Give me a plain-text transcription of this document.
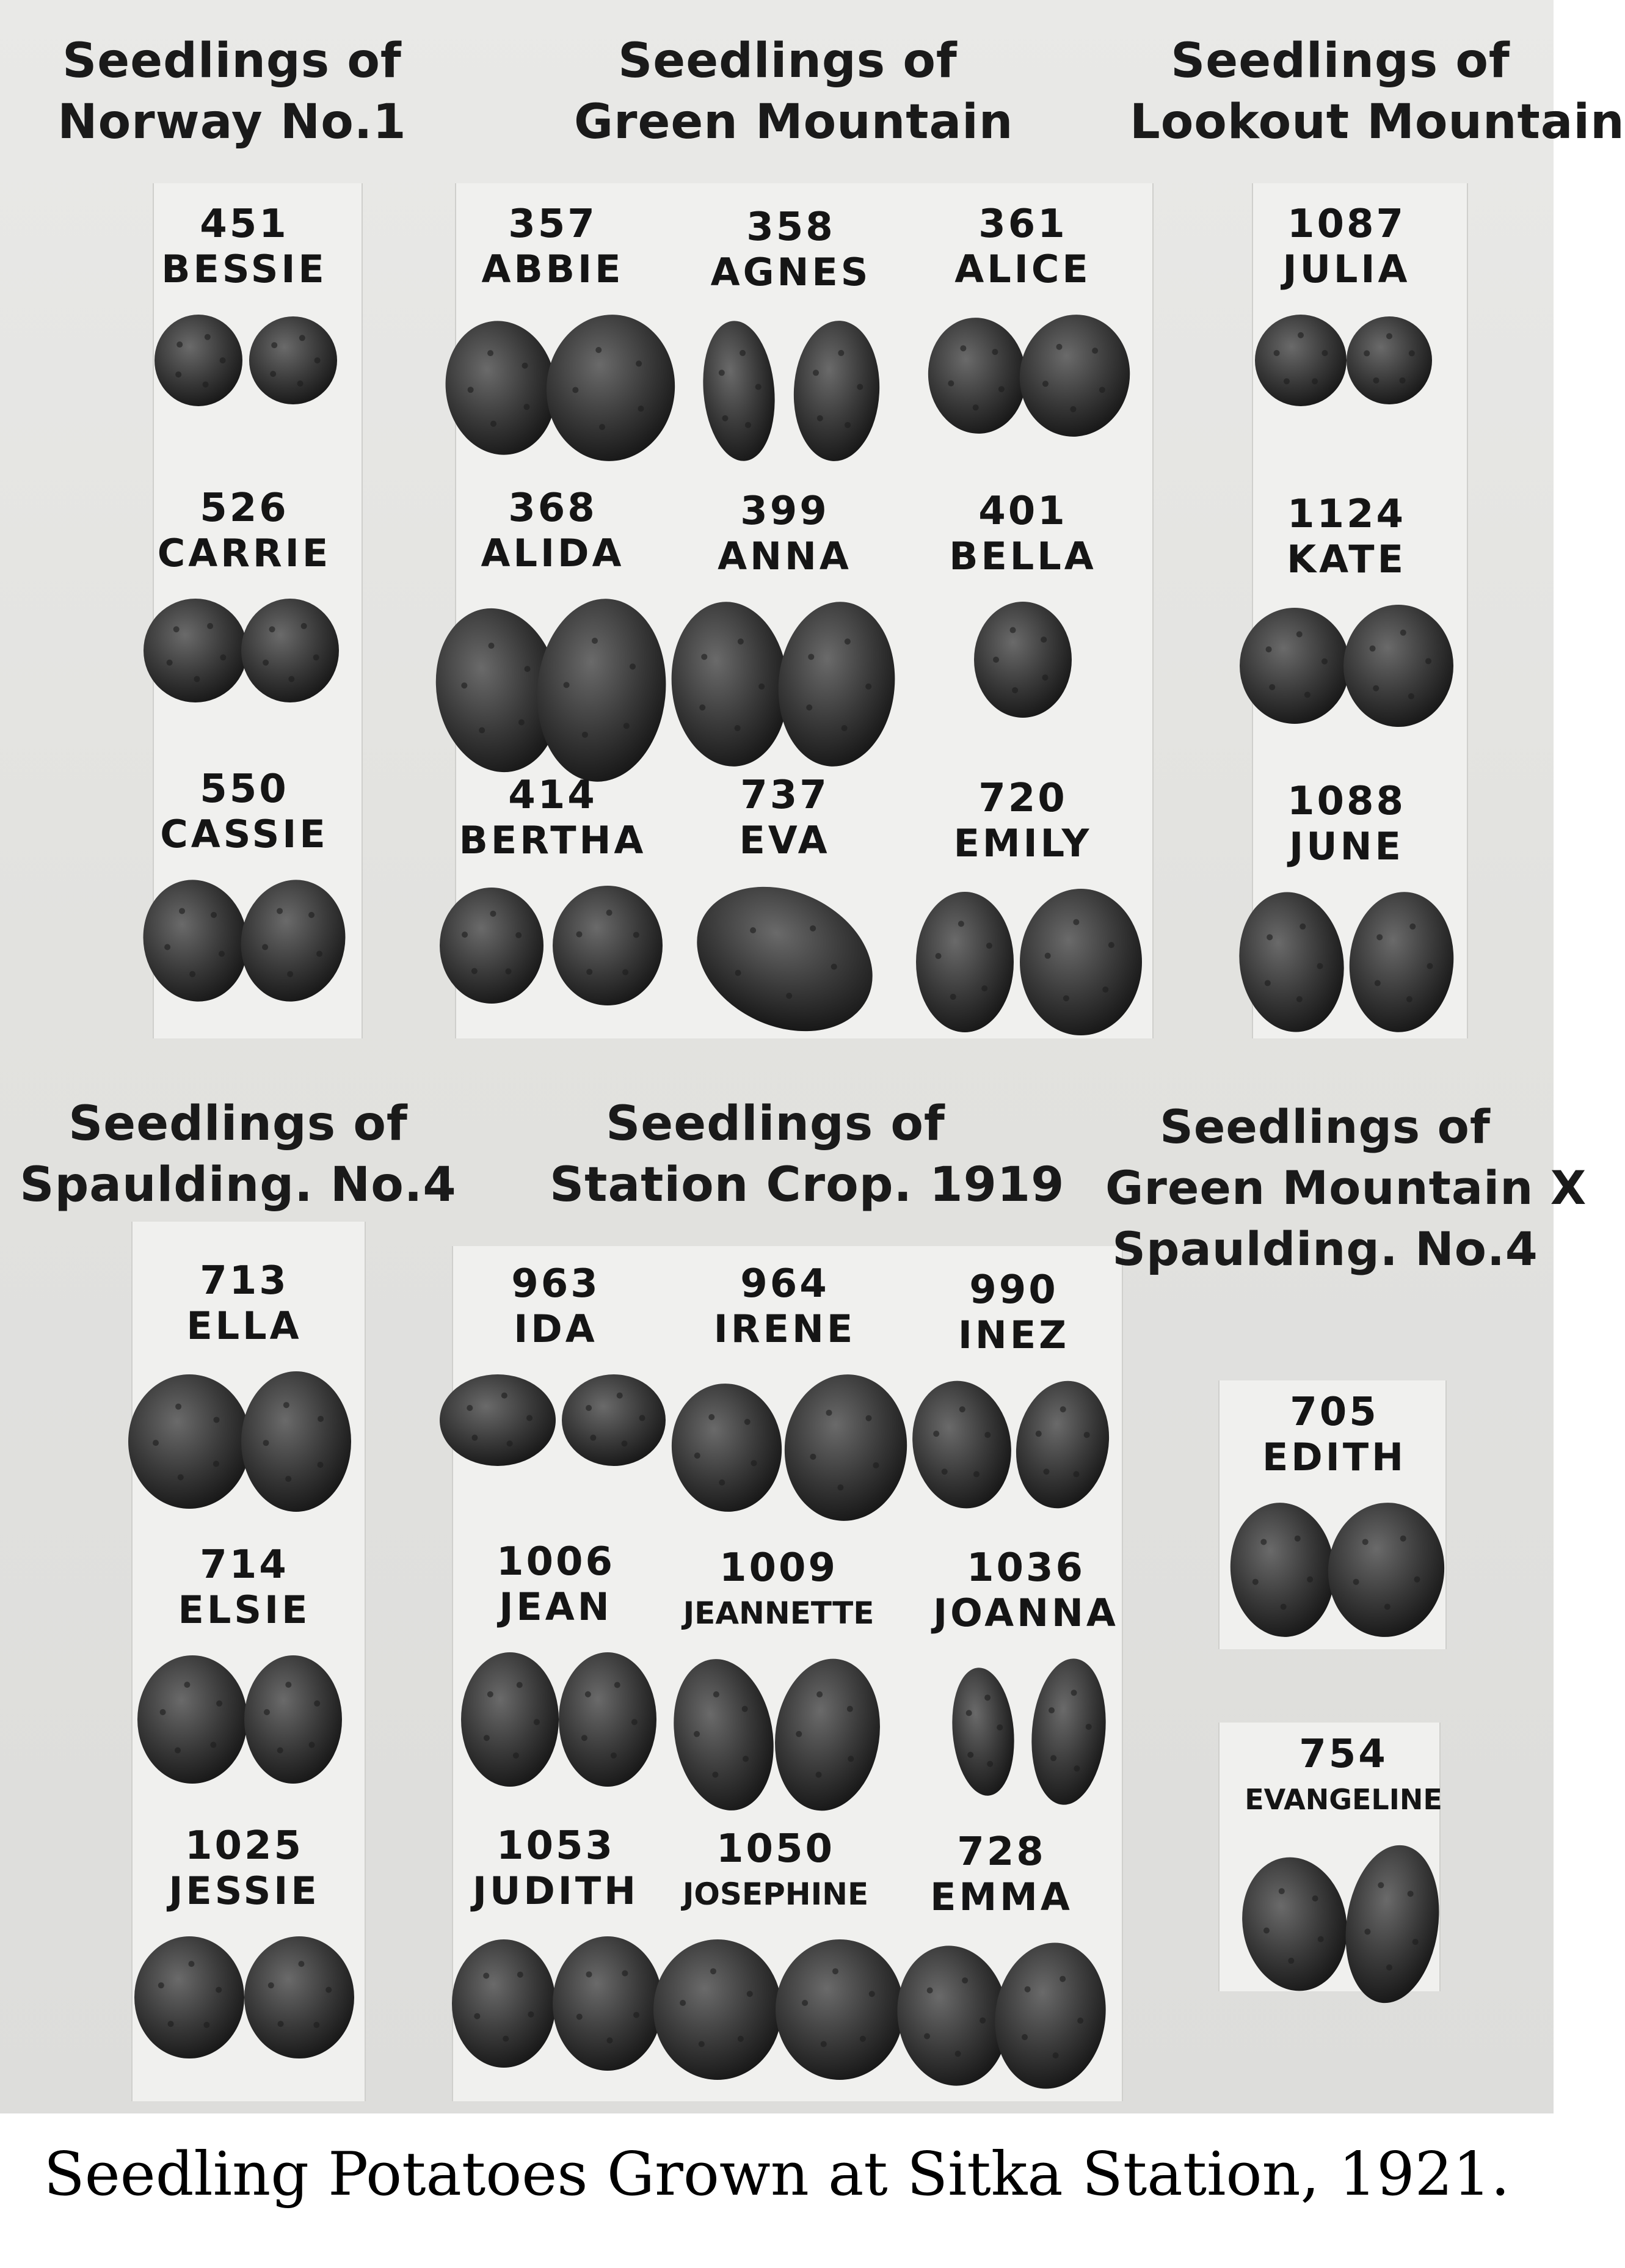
Seedlings of
Norway No.1
Seedlings of
Green Mountain
Seedlings of
Lookout Mountain
Seedlings of
Spaulding. No.4
Seedlings of
Station Crop. 1919
Seedlings of
Green Mountain X
Spaulding. No.4
451
BESSIE
357
ABBIE
358
AGNES
361
ALICE
1087
JULIA
526
CARRIE
368
ALIDA
399
ANNA
401
BELLA
1124
KATE
550
CASSIE
414
BERTHA
737
EVA
720
EMILY
1088
JUNE
713
ELLA
963
IDA
964
IRENE
990
INEZ
705
EDITH
714
ELSIE
1006
JEAN
1009
JEANNETTE
1036
JOANNA
754
EVANGELINE
1025
JESSIE
1053
JUDITH
1050
JOSEPHINE
728
EMMA
Seedling Potatoes Grown at Sitka Station, 1921.
